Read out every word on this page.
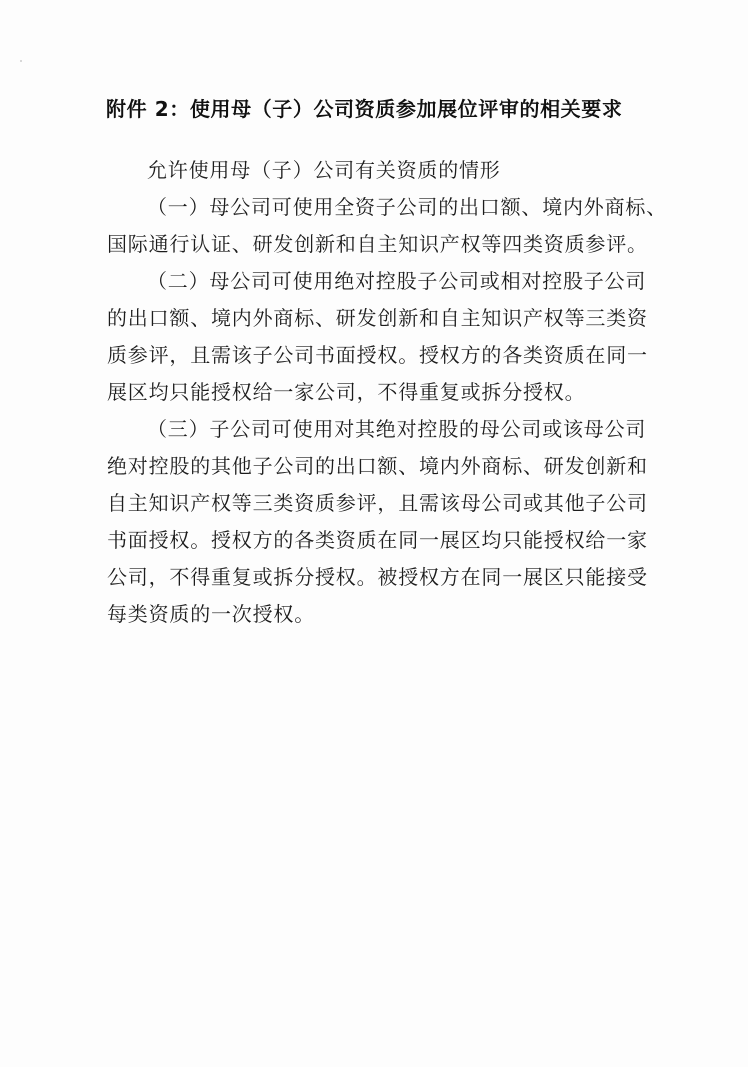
附件 2：使用母（子）公司资质参加展位评审的相关要求
允许使用母（子）公司有关资质的情形
（一）母公司可使用全资子公司的出口额、境内外商标、
国际通行认证、研发创新和自主知识产权等四类资质参评。
（二）母公司可使用绝对控股子公司或相对控股子公司
的出口额、境内外商标、研发创新和自主知识产权等三类资
质参评，且需该子公司书面授权。授权方的各类资质在同一
展区均只能授权给一家公司，不得重复或拆分授权。
（三）子公司可使用对其绝对控股的母公司或该母公司
绝对控股的其他子公司的出口额、境内外商标、研发创新和
自主知识产权等三类资质参评，且需该母公司或其他子公司
书面授权。授权方的各类资质在同一展区均只能授权给一家
公司，不得重复或拆分授权。被授权方在同一展区只能接受
每类资质的一次授权。
